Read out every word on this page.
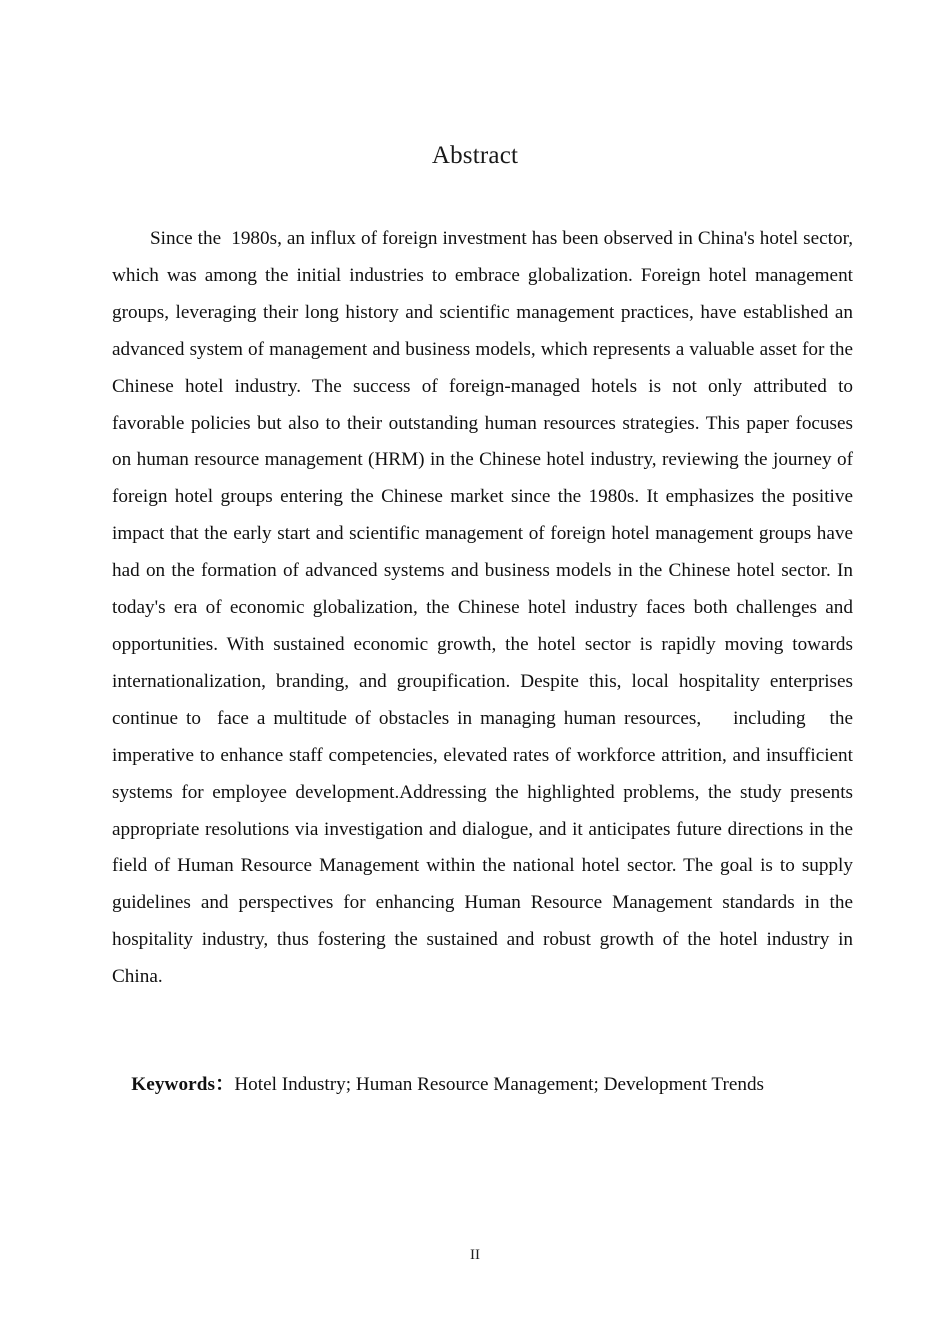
Abstract

Since the  1980s, an influx of foreign investment has been observed in China's hotel sector, which was among the initial industries to embrace globalization. Foreign hotel management groups, leveraging their long history and scientific management practices, have established an advanced system of management and business models, which represents a valuable asset for the Chinese hotel industry. The success of foreign-managed hotels is not only attributed to favorable policies but also to their outstanding human resources strategies. This paper focuses on human resource management (HRM) in the Chinese hotel industry, reviewing the journey of foreign hotel groups entering the Chinese market since the 1980s. It emphasizes the positive impact that the early start and scientific management of foreign hotel management groups have had on the formation of advanced systems and business models in the Chinese hotel sector. In today's era of economic globalization, the Chinese hotel industry faces both challenges and opportunities. With sustained economic growth, the hotel sector is rapidly moving towards internationalization, branding, and groupification. Despite this, local hospitality enterprises continue to  face a multitude of obstacles in managing human resources,    including   the imperative to enhance staff competencies, elevated rates of workforce attrition, and insufficient systems for employee development.Addressing the highlighted problems, the study presents appropriate resolutions via investigation and dialogue, and it anticipates future directions in the field of Human Resource Management within the national hotel sector. The goal is to supply guidelines and perspectives for enhancing Human Resource Management standards in the hospitality industry, thus fostering the sustained and robust growth of the hotel industry in China.

Keywords：Hotel Industry; Human Resource Management; Development Trends

II
